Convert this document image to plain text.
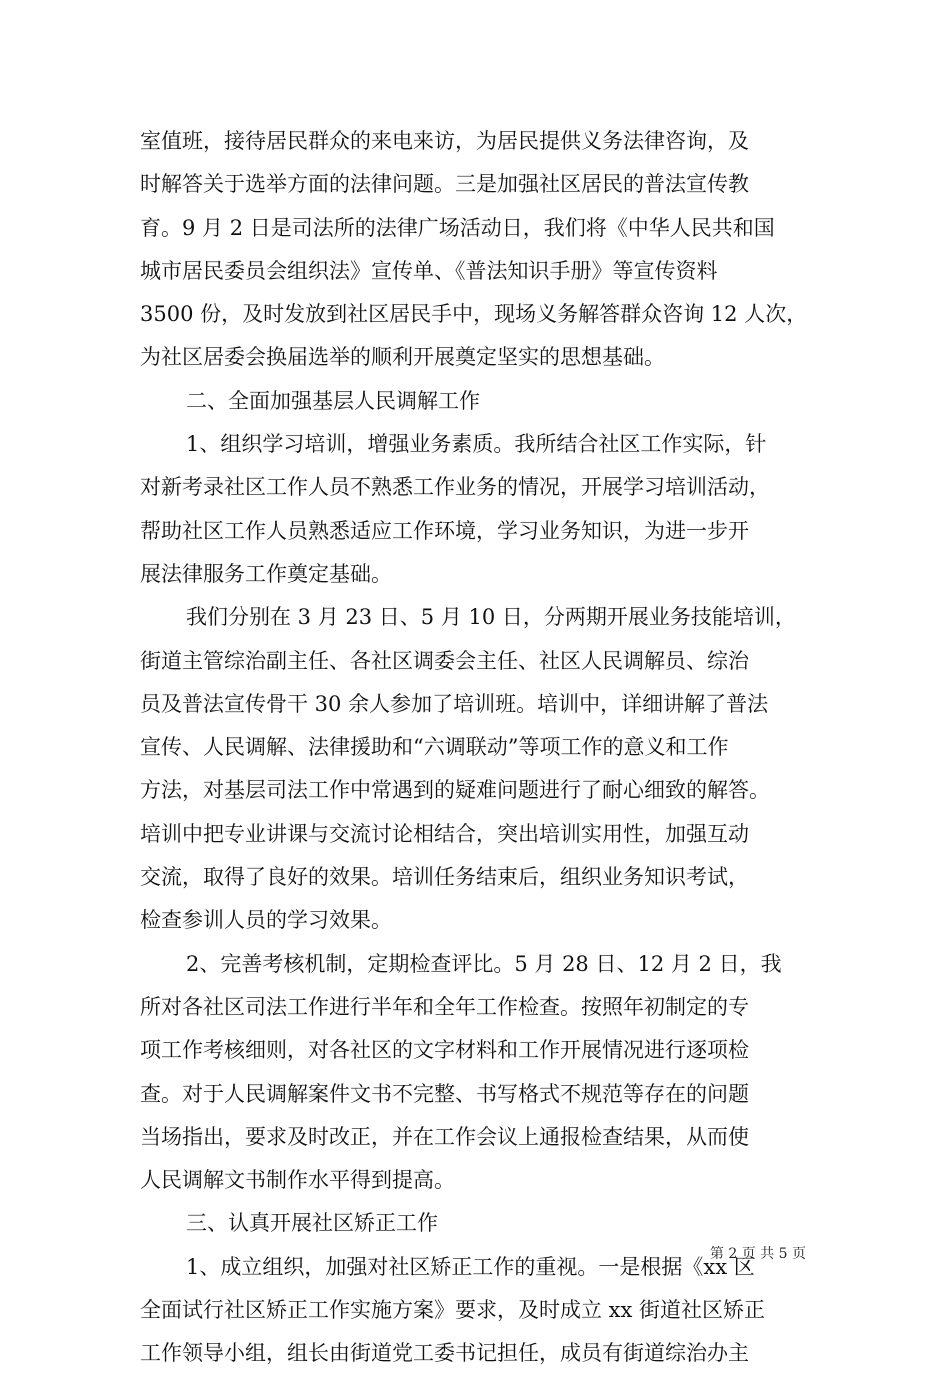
室值班，接待居民群众的来电来访，为居民提供义务法律咨询，及
时解答关于选举方面的法律问题。三是加强社区居民的普法宣传教
育。9 月 2 日是司法所的法律广场活动日，我们将《中华人民共和国
城市居民委员会组织法》宣传单、《普法知识手册》等宣传资料
3500 份，及时发放到社区居民手中，现场义务解答群众咨询 12 人次，
为社区居委会换届选举的顺利开展奠定坚实的思想基础。
二、全面加强基层人民调解工作
1、组织学习培训，增强业务素质。我所结合社区工作实际，针
对新考录社区工作人员不熟悉工作业务的情况，开展学习培训活动，
帮助社区工作人员熟悉适应工作环境，学习业务知识，为进一步开
展法律服务工作奠定基础。
我们分别在 3 月 23 日、5 月 10 日，分两期开展业务技能培训，
街道主管综治副主任、各社区调委会主任、社区人民调解员、综治
员及普法宣传骨干 30 余人参加了培训班。培训中，详细讲解了普法
宣传、人民调解、法律援助和“六调联动”等项工作的意义和工作
方法，对基层司法工作中常遇到的疑难问题进行了耐心细致的解答。
培训中把专业讲课与交流讨论相结合，突出培训实用性，加强互动
交流，取得了良好的效果。培训任务结束后，组织业务知识考试，
检查参训人员的学习效果。
2、完善考核机制，定期检查评比。5 月 28 日、12 月 2 日，我
所对各社区司法工作进行半年和全年工作检查。按照年初制定的专
项工作考核细则，对各社区的文字材料和工作开展情况进行逐项检
查。对于人民调解案件文书不完整、书写格式不规范等存在的问题
当场指出，要求及时改正，并在工作会议上通报检查结果，从而使
人民调解文书制作水平得到提高。
三、认真开展社区矫正工作
1、成立组织，加强对社区矫正工作的重视。一是根据《xx 区
全面试行社区矫正工作实施方案》要求，及时成立 xx 街道社区矫正
工作领导小组，组长由街道党工委书记担任，成员有街道综治办主
第 2 页 共 5 页
